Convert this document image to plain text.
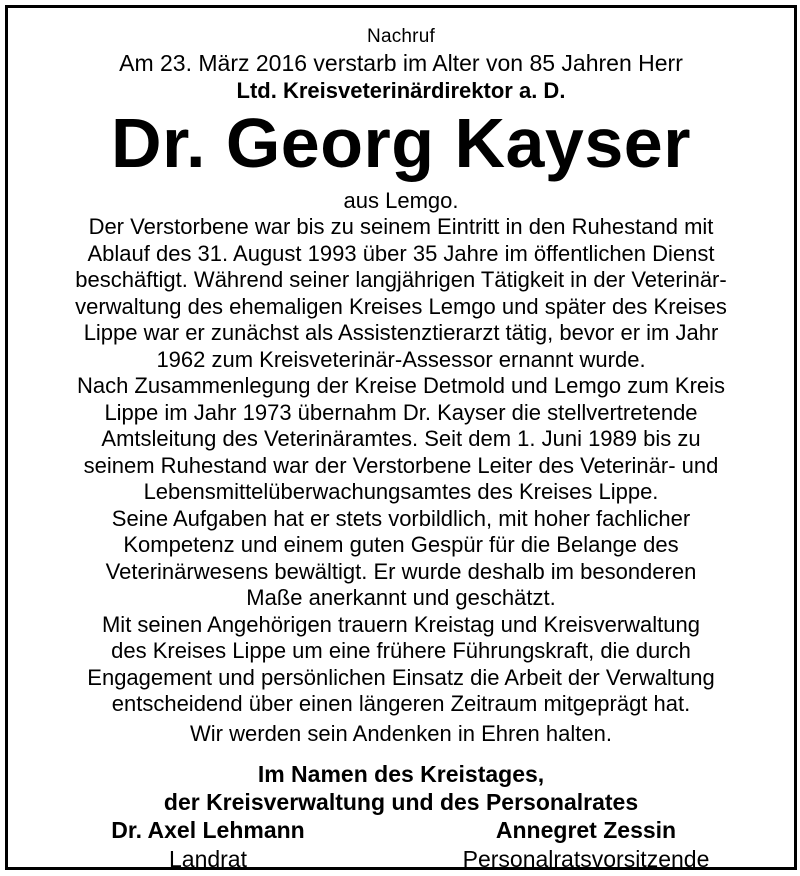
Nachruf
Am 23. März 2016 verstarb im Alter von 85 Jahren Herr
Ltd. Kreisveterinärdirektor a. D.
Dr. Georg Kayser
aus Lemgo.
Der Verstorbene war bis zu seinem Eintritt in den Ruhestand mit
Ablauf des 31. August 1993 über 35 Jahre im öffentlichen Dienst
beschäftigt. Während seiner langjährigen Tätigkeit in der Veterinär-
verwaltung des ehemaligen Kreises Lemgo und später des Kreises
Lippe war er zunächst als Assistenztierarzt tätig, bevor er im Jahr
1962 zum Kreisveterinär-Assessor ernannt wurde.
Nach Zusammenlegung der Kreise Detmold und Lemgo zum Kreis
Lippe im Jahr 1973 übernahm Dr. Kayser die stellvertretende
Amtsleitung des Veterinäramtes. Seit dem 1. Juni 1989 bis zu
seinem Ruhestand war der Verstorbene Leiter des Veterinär- und
Lebensmittelüberwachungsamtes des Kreises Lippe.
Seine Aufgaben hat er stets vorbildlich, mit hoher fachlicher
Kompetenz und einem guten Gespür für die Belange des
Veterinärwesens bewältigt. Er wurde deshalb im besonderen
Maße anerkannt und geschätzt.
Mit seinen Angehörigen trauern Kreistag und Kreisverwaltung
des Kreises Lippe um eine frühere Führungskraft, die durch
Engagement und persönlichen Einsatz die Arbeit der Verwaltung
entscheidend über einen längeren Zeitraum mitgeprägt hat.
Wir werden sein Andenken in Ehren halten.
Im Namen des Kreistages,
der Kreisverwaltung und des Personalrates
Dr. Axel Lehmann
Landrat
Annegret Zessin
Personalratsvorsitzende
